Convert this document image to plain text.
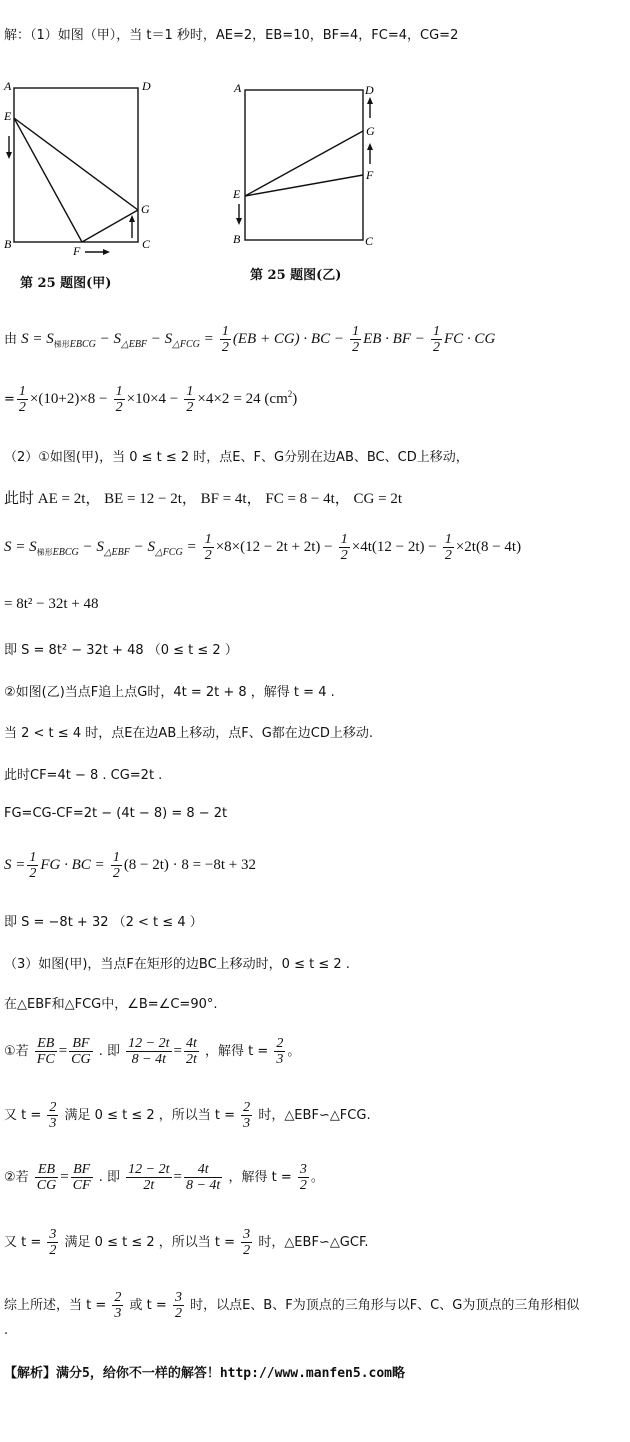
解：（1）如图（甲），当 t＝1 秒时，AE=2，EB=10，BF=4，FC=4，CG=2
A	D
E
G
B	F	C
第 25 题图(甲)
A	D
G
F
E
B	C
第 25 题图(乙)
由 $S = S_{梯形EBCG} - S_{\triangle EBF} - S_{\triangle FCG} = \frac{1}{2} (EB + CG)$ · BC − $\frac{1}{2}$ EB · BF − $\frac{1}{2}$ FC · CG
= $\frac{1}{2} \times(10+2)\times 8 - \frac{1}{2} \times 10\times 4 - \frac{1}{2} \times 4\times 2 = 24$ $(cm^2)$
（2）①如图(甲)，当 0 ≤ t ≤ 2 时，点E、F、G分别在边AB、BC、CD上移动，
此时 AE = 2t， BE = 12 − 2t， BF = 4t， FC = 8 − 4t， CG = 2t
$S = S_{梯形EBCG} - S_{\triangle EBF} - S_{\triangle FCG} = \frac{1}{2} \times 8\times(12 - 2t + 2t) - \frac{1}{2} \times 4t(12 - 2t) - \frac{1}{2} \times 2t(8 - 4t)$
= 8t² − 32t + 48
即 S = 8t² − 32t + 48 （0 ≤ t ≤ 2 ）
②如图(乙)当点F追上点G时，4t = 2t + 8 ，解得 t = 4 .
当 2 < t ≤ 4 时，点E在边AB上移动，点F、G都在边CD上移动.
此时CF=4t − 8 . CG=2t .
FG=CG-CF=2t − (4t − 8) = 8 − 2t
$S = \frac{1}{2}$ FG · BC = $\frac{1}{2} (8 - 2t) \cdot 8 = -8t + 32$
即 S = −8t + 32 （2 < t ≤ 4 ）
（3）如图(甲)，当点F在矩形的边BC上移动时，0 ≤ t ≤ 2 .
在△EBF和△FCG中，∠B=∠C=90°.
①若 $\frac{EB}{FC} = \frac{BF}{CG}$ . 即 $\frac{12 - 2t}{8 - 4t} = \frac{4t}{2t}$ ，解得 $t = \frac{2}{3}$ 。
又 $t = \frac{2}{3}$ 满足 0 ≤ t ≤ 2 ，所以当 $t = \frac{2}{3}$ 时，△EBF∽△FCG.
②若 $\frac{EB}{CG} = \frac{BF}{CF}$ . 即 $\frac{12 - 2t}{2t} = \frac{4t}{8 - 4t}$ ，解得 $t = \frac{3}{2}$ 。
又 $t = \frac{3}{2}$ 满足 0 ≤ t ≤ 2 ，所以当 $t = \frac{3}{2}$ 时，△EBF∽△GCF.
综上所述，当 $t = \frac{2}{3}$ 或 $t = \frac{3}{2}$ 时，以点E、B、F为顶点的三角形与以F、C、G为顶点的三角形相似
.
【解析】满分5，给你不一样的解答！http://www.manfen5.com略
